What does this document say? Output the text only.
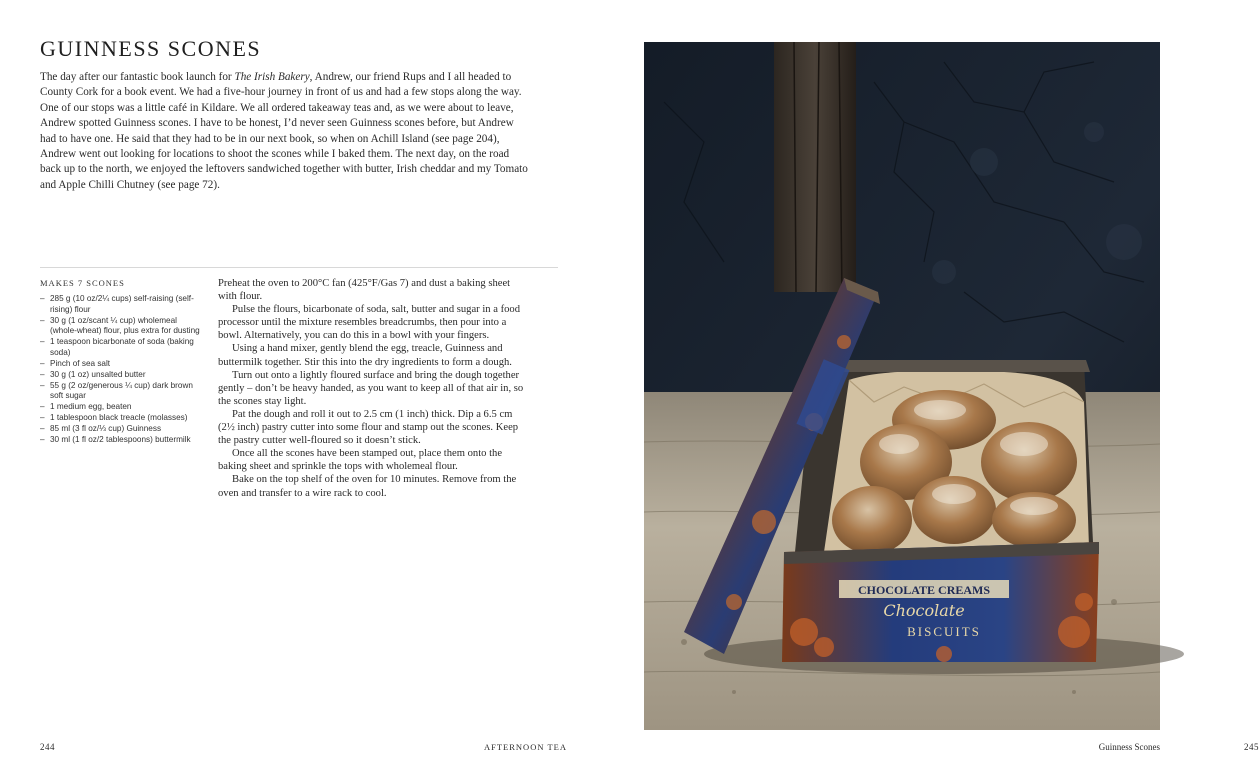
GUINNESS SCONES

The day after our fantastic book launch for The Irish Bakery, Andrew, our friend Rups and I all headed to County Cork for a book event. We had a five-hour journey in front of us and had a few stops along the way.

One of our stops was a little café in Kildare. We all ordered takeaway teas and, as we were about to leave, Andrew spotted Guinness scones. I have to be honest, I’d never seen Guinness scones before, but Andrew had to have one. He said that they had to be in our next book, so when on Achill Island (see page 204), Andrew went out looking for locations to shoot the scones while I baked them. The next day, on the road back up to the north, we enjoyed the leftovers sandwiched together with butter, Irish cheddar and my Tomato and Apple Chilli Chutney (see page 72).

MAKES 7 SCONES
– 285 g (10 oz/2¼ cups) self-raising (self-rising) flour
– 30 g (1 oz/scant ¼ cup) wholemeal (whole-wheat) flour, plus extra for dusting
– 1 teaspoon bicarbonate of soda (baking soda)
– Pinch of sea salt
– 30 g (1 oz) unsalted butter
– 55 g (2 oz/generous ¼ cup) dark brown soft sugar
– 1 medium egg, beaten
– 1 tablespoon black treacle (molasses)
– 85 ml (3 fl oz/⅓ cup) Guinness
– 30 ml (1 fl oz/2 tablespoons) buttermilk

Preheat the oven to 200°C fan (425°F/Gas 7) and dust a baking sheet with flour.

Pulse the flours, bicarbonate of soda, salt, butter and sugar in a food processor until the mixture resembles breadcrumbs, then pour into a bowl. Alternatively, you can do this in a bowl with your fingers.

Using a hand mixer, gently blend the egg, treacle, Guinness and buttermilk together. Stir this into the dry ingredients to form a dough.

Turn out onto a lightly floured surface and bring the dough together gently – don’t be heavy handed, as you want to keep all of that air in, so the scones stay light.

Pat the dough and roll it out to 2.5 cm (1 inch) thick. Dip a 6.5 cm (2½ inch) pastry cutter into some flour and stamp out the scones. Keep the pastry cutter well-floured so it doesn’t stick.

Once all the scones have been stamped out, place them onto the baking sheet and sprinkle the tops with wholemeal flour.

Bake on the top shelf of the oven for 10 minutes. Remove from the oven and transfer to a wire rack to cool.

244	AFTERNOON TEA	245
Guinness Scones
CHOCOLATE CREAMS
Chocolate
BISCUITS
